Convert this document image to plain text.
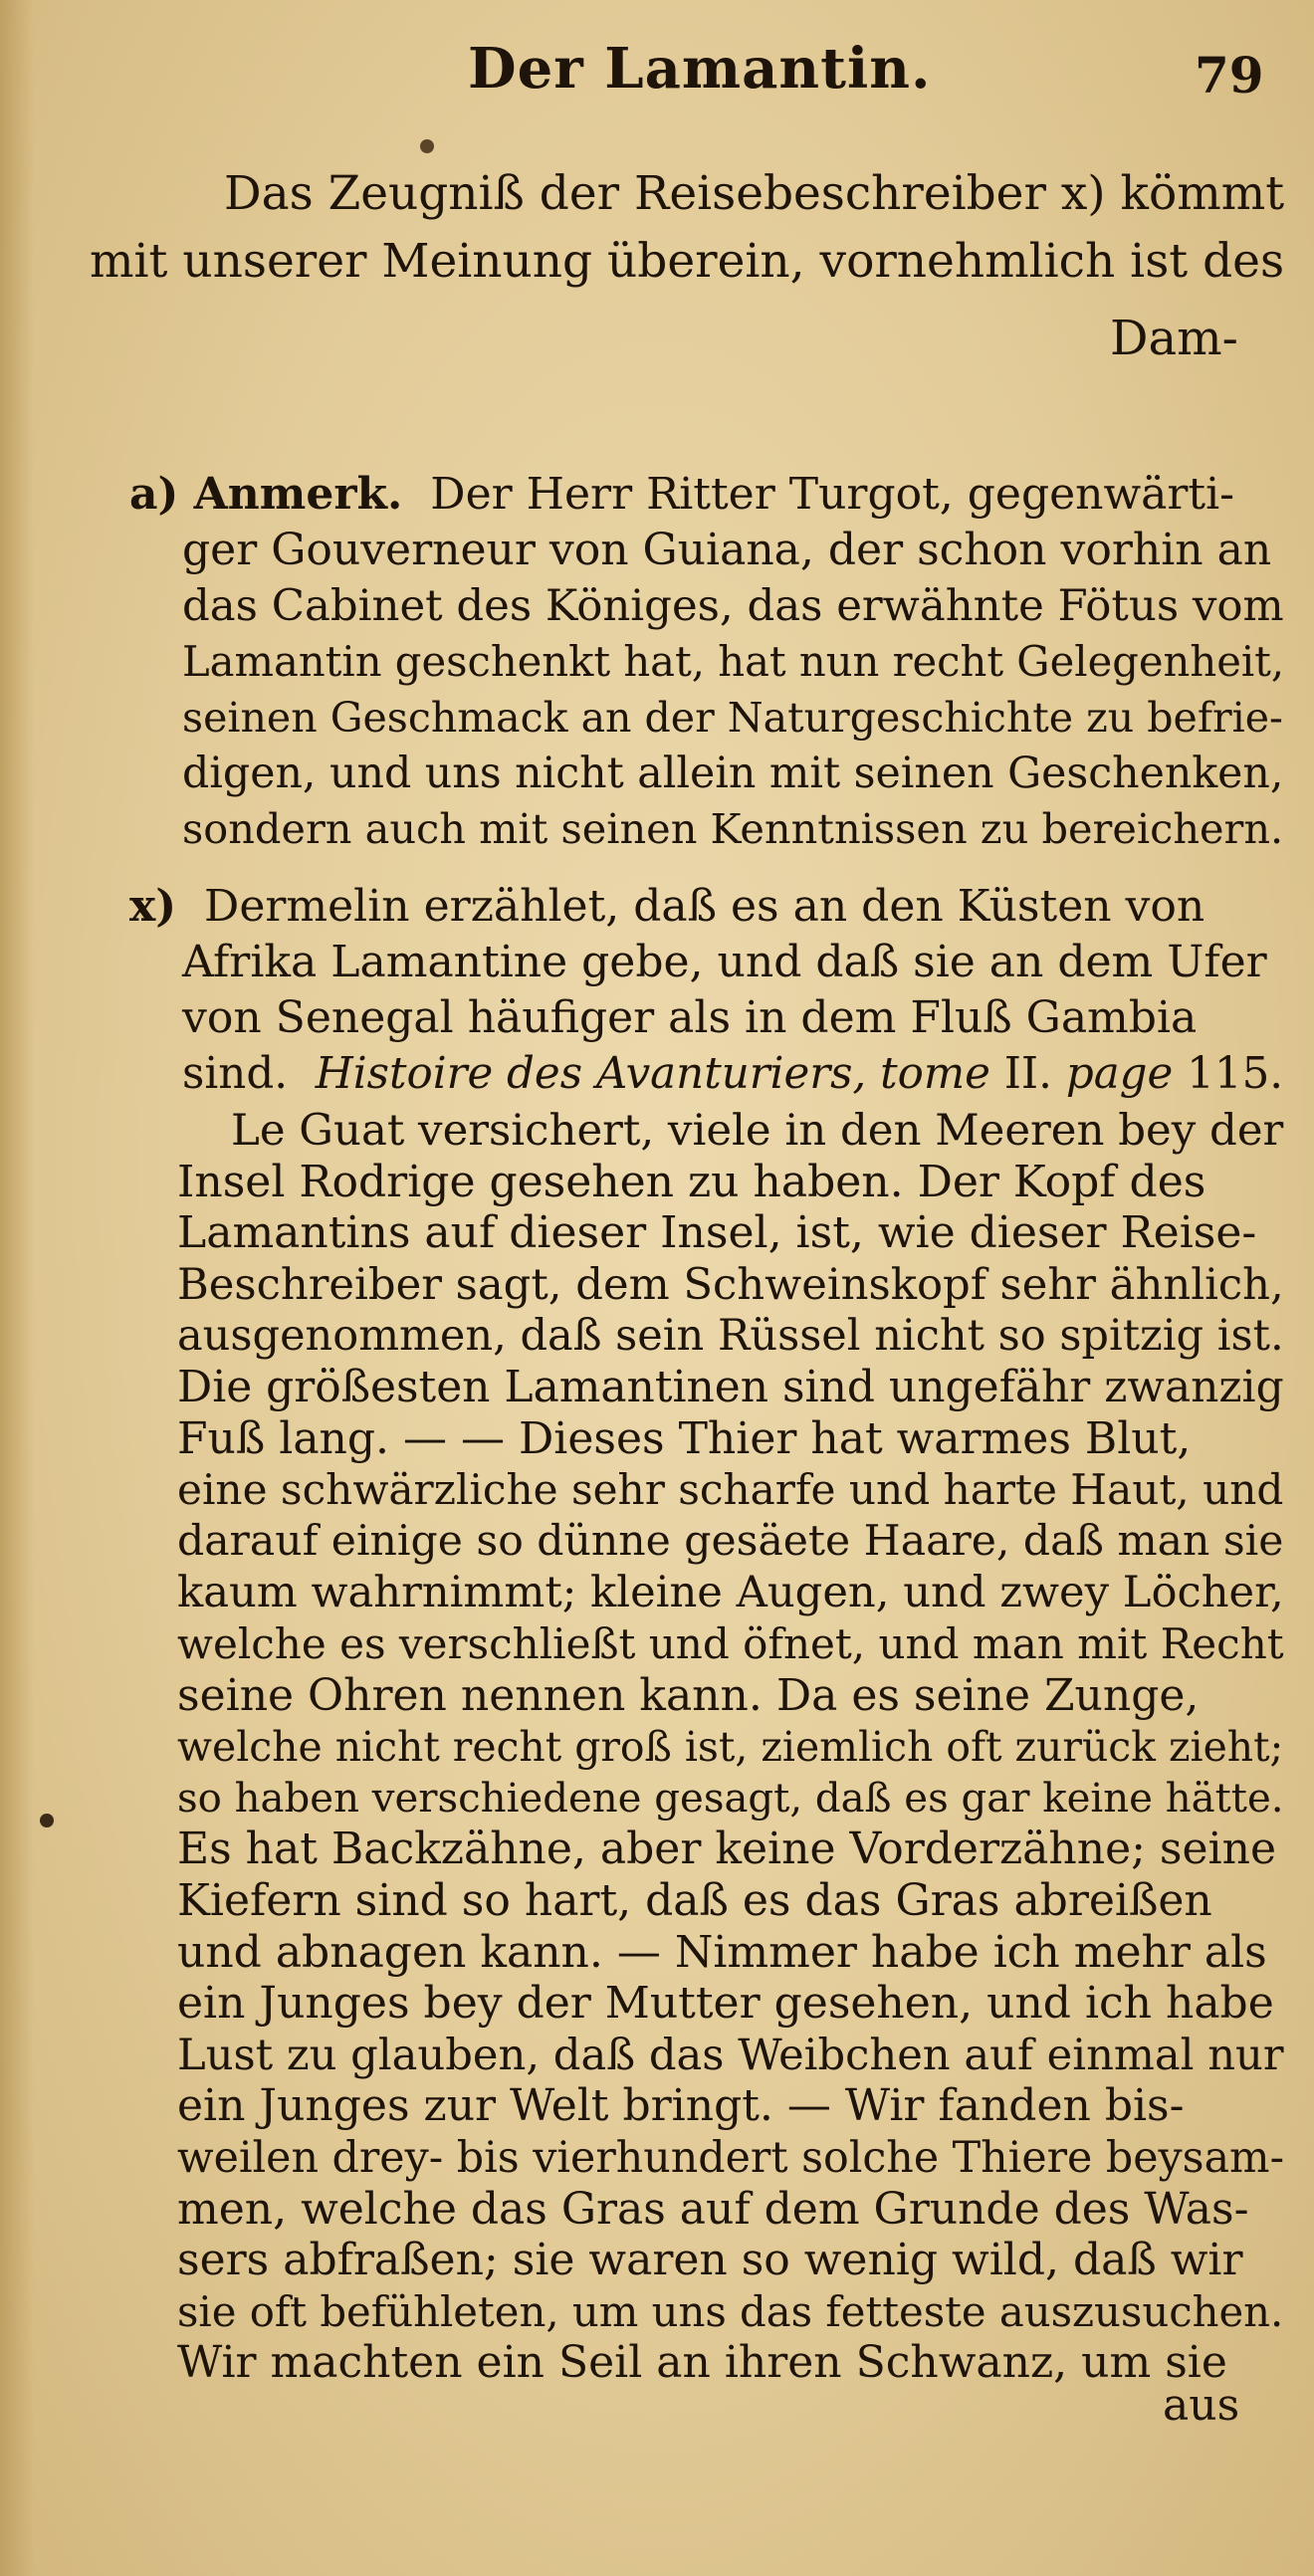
Der Lamantin.	79
Das Zeugniß der Reisebeschreiber x) kömmt
mit unserer Meinung überein, vornehmlich ist des
Dam-
a) Anmerk. Der Herr Ritter Turgot, gegenwärti-
ger Gouverneur von Guiana, der schon vorhin an
das Cabinet des Königes, das erwähnte Fötus vom
Lamantin geschenkt hat, hat nun recht Gelegenheit,
seinen Geschmack an der Naturgeschichte zu befrie-
digen, und uns nicht allein mit seinen Geschenken,
sondern auch mit seinen Kenntnissen zu bereichern.
x) Dermelin erzählet, daß es an den Küsten von
Afrika Lamantine gebe, und daß sie an dem Ufer
von Senegal häufiger als in dem Fluß Gambia
sind. Histoire des Avanturiers, tome II. page 115.
Le Guat versichert, viele in den Meeren bey der
Insel Rodrige gesehen zu haben. Der Kopf des
Lamantins auf dieser Insel, ist, wie dieser Reise-
Beschreiber sagt, dem Schweinskopf sehr ähnlich,
ausgenommen, daß sein Rüssel nicht so spitzig ist.
Die größesten Lamantinen sind ungefähr zwanzig
Fuß lang. — — Dieses Thier hat warmes Blut,
eine schwärzliche sehr scharfe und harte Haut, und
darauf einige so dünne gesäete Haare, daß man sie
kaum wahrnimmt; kleine Augen, und zwey Löcher,
welche es verschließt und öfnet, und man mit Recht
seine Ohren nennen kann. Da es seine Zunge,
welche nicht recht groß ist, ziemlich oft zurück zieht;
so haben verschiedene gesagt, daß es gar keine hätte.
Es hat Backzähne, aber keine Vorderzähne; seine
Kiefern sind so hart, daß es das Gras abreißen
und abnagen kann. — Nimmer habe ich mehr als
ein Junges bey der Mutter gesehen, und ich habe
Lust zu glauben, daß das Weibchen auf einmal nur
ein Junges zur Welt bringt. — Wir fanden bis-
weilen drey- bis vierhundert solche Thiere beysam-
men, welche das Gras auf dem Grunde des Was-
sers abfraßen; sie waren so wenig wild, daß wir
sie oft befühleten, um uns das fetteste auszusuchen.
Wir machten ein Seil an ihren Schwanz, um sie
aus
